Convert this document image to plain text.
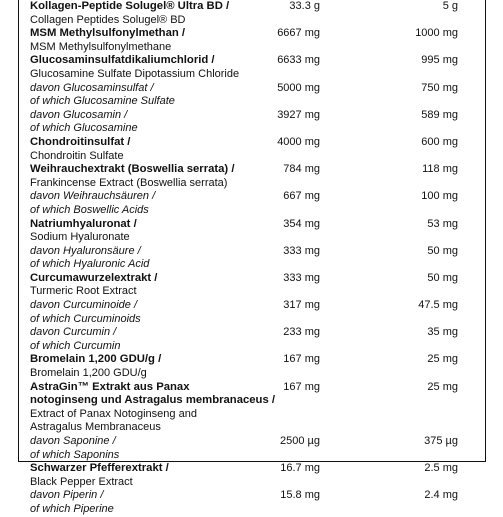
Kollagen-Peptide Solugel® Ultra BD /	33.3 g	5 g
Collagen Peptides Solugel® BD
MSM Methylsulfonylmethan /	6667 mg	1000 mg
MSM Methylsulfonylmethane
Glucosaminsulfatdikaliumchlorid /	6633 mg	995 mg
Glucosamine Sulfate Dipotassium Chloride
davon Glucosaminsulfat /	5000 mg	750 mg
of which Glucosamine Sulfate
davon Glucosamin /	3927 mg	589 mg
of which Glucosamine
Chondroitinsulfat /	4000 mg	600 mg
Chondroitin Sulfate
Weihrauchextrakt (Boswellia serrata) /	784 mg	118 mg
Frankincense Extract (Boswellia serrata)
davon Weihrauchsäuren /	667 mg	100 mg
of which Boswellic Acids
Natriumhyaluronat /	354 mg	53 mg
Sodium Hyaluronate
davon Hyaluronsäure /	333 mg	50 mg
of which Hyaluronic Acid
Curcumawurzelextrakt /	333 mg	50 mg
Turmeric Root Extract
davon Curcuminoide /	317 mg	47.5 mg
of which Curcuminoids
davon Curcumin /	233 mg	35 mg
of which Curcumin
Bromelain 1,200 GDU/g /	167 mg	25 mg
Bromelain 1,200 GDU/g
AstraGin™ Extrakt aus Panax	167 mg	25 mg
notoginseng und Astragalus membranaceus /
Extract of Panax Notoginseng and
Astragalus Membranaceus
davon Saponine /	2500 µg	375 µg
of which Saponins
Schwarzer Pfefferextrakt /	16.7 mg	2.5 mg
Black Pepper Extract
davon Piperin /	15.8 mg	2.4 mg
of which Piperine
